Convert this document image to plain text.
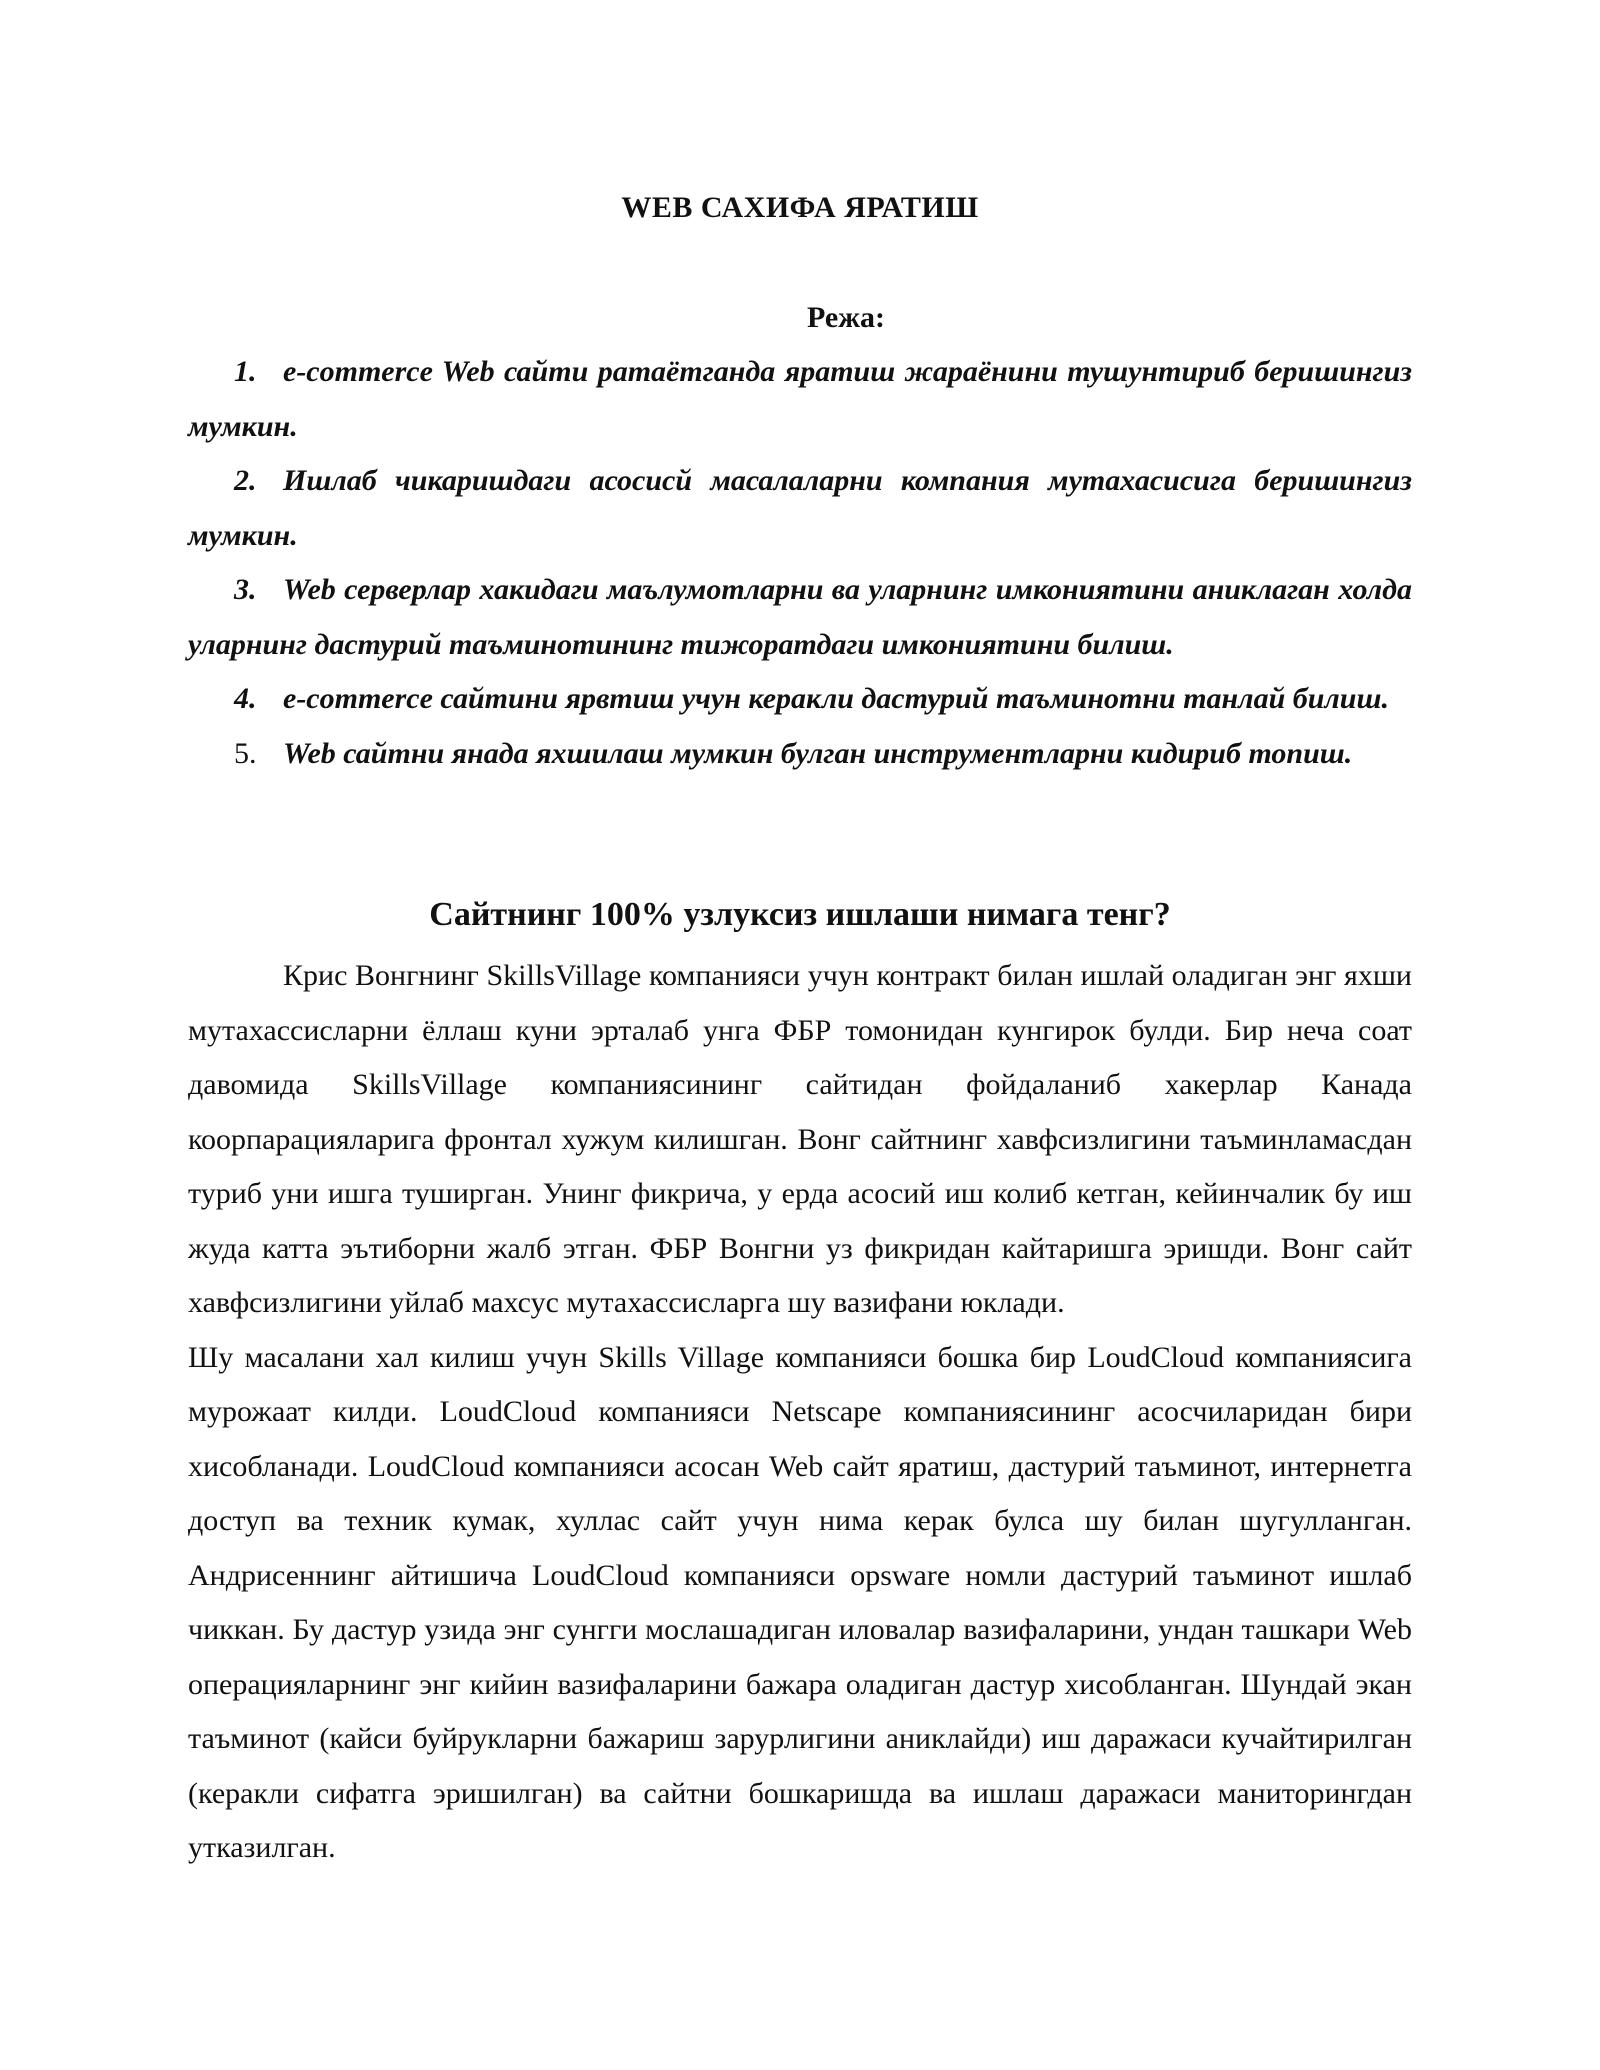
WEB САХИФА ЯРАТИШ
Режа:
1. e-commerce Web сайти ратаётганда яратиш жараёнини тушунтириб беришингиз мумкин.
2. Ишлаб чикаришдаги асосисй масалаларни компания мутахасисига беришингиз мумкин.
3. Web серверлар хакидаги маълумотларни ва уларнинг имкониятини аниклаган холда уларнинг дастурий таъминотининг тижоратдаги имкониятини билиш.
4. e-commerce сайтини ярвтиш учун керакли дастурий таъминотни танлай билиш.
5. Web сайтни янада яхшилаш мумкин булган инструментларни кидириб топиш.
Сайтнинг 100% узлуксиз ишлаши нимага тенг?

Крис Вонгнинг SkillsVillage компанияси учун контракт билан ишлай оладиган энг яхши мутахассисларни ёллаш куни эрталаб унга ФБР томонидан кунгирок булди. Бир неча соат давомида SkillsVillage компаниясининг сайтидан фойдаланиб хакерлар Канада коорпарацияларига фронтал хужум килишган. Вонг сайтнинг хавфсизлигини таъминламасдан туриб уни ишга туширган. Унинг фикрича, у ерда асосий иш колиб кетган, кейинчалик бу иш жуда катта эътиборни жалб этган. ФБР Вонгни уз фикридан кайтаришга эришди. Вонг сайт хавфсизлигини уйлаб махсус мутахассисларга шу вазифани юклади.

Шу масалани хал килиш учун Skills Village компанияси бошка бир LoudCloud компаниясига мурожаат килди. LoudCloud компанияси Netscape компаниясининг асосчиларидан бири хисобланади. LoudCloud компанияси асосан Web сайт яратиш, дастурий таъминот, интернетга доступ ва техник кумак, хуллас сайт учун нима керак булса шу билан шугулланган. Андрисеннинг айтишича LoudCloud компанияси opsware номли дастурий таъминот ишлаб чиккан. Бу дастур узида энг сунгги мослашадиган иловалар вазифаларини, ундан ташкари Web операцияларнинг энг кийин вазифаларини бажара оладиган дастур хисобланган. Шундай экан таъминот (кайси буйрукларни бажариш зарурлигини аниклайди) иш даражаси кучайтирилган (керакли сифатга эришилган) ва сайтни бошкаришда ва ишлаш даражаси маниторингдан утказилган.
